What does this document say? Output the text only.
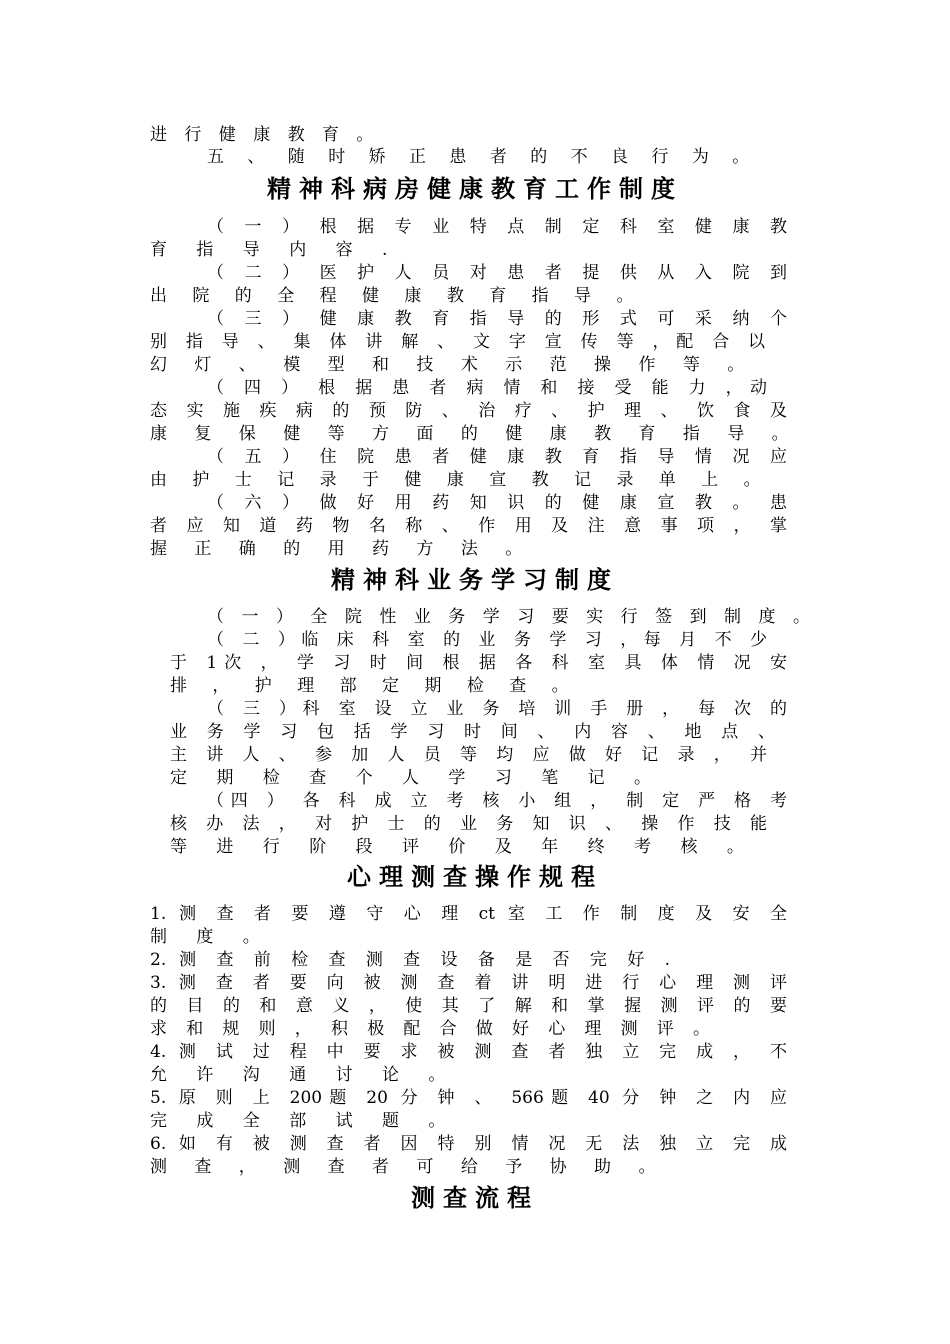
进 行 健 康 教 育 。
五 、 随 时 矫 正 患 者 的 不 良 行 为 。
精神科病房健康教育工作制度
（ 一 ） 根 据 专 业 特 点 制 定 科 室 健 康 教
育 指 导 内 容 .
（ 二 ） 医 护 人 员 对 患 者 提 供 从 入 院 到
出 院 的 全 程 健 康 教 育 指 导 。
（ 三 ） 健 康 教 育 指 导 的 形 式 可 采 纳 个
别 指 导 、 集 体 讲 解 、 文 字 宣 传 等 ，配 合 以
幻 灯 、 模 型 和 技 术 示 范 操 作 等 。
（ 四 ） 根 据 患 者 病 情 和 接 受 能 力 ，动
态 实 施 疾 病 的 预 防 、 治 疗 、 护 理 、 饮 食 及
康 复 保 健 等 方 面 的 健 康 教 育 指 导 。
（ 五 ） 住 院 患 者 健 康 教 育 指 导 情 况 应
由 护 士 记 录 于 健 康 宣 教 记 录 单 上 。
（ 六 ） 做 好 用 药 知 识 的 健 康 宣 教 。 患
者 应 知 道 药 物 名 称 、 作 用 及 注 意 事 项 ， 掌
握 正 确 的 用 药 方 法 。
精神科业务学习制度
（ 一 ） 全 院 性 业 务 学 习 要 实 行 签 到 制 度 。
（ 二 ）临 床 科 室 的 业 务 学 习 ，每 月 不 少
于 1次 ， 学 习 时 间 根 据 各 科 室 具 体 情 况 安
排 ， 护 理 部 定 期 检 查 。
（ 三 ）科 室 设 立 业 务 培 训 手 册 ， 每 次 的
业 务 学 习 包 括 学 习 时 间 、 内 容 、 地 点 、
主 讲 人 、 参 加 人 员 等 均 应 做 好 记 录 ， 并
定 期 检 查 个 人 学 习 笔 记 。
（四 ） 各 科 成 立 考 核 小 组 ， 制 定 严 格 考
核 办 法 ， 对 护 士 的 业 务 知 识 、 操 作 技 能
等 进 行 阶 段 评 价 及 年 终 考 核 。
心理测查操作规程
1. 测 查 者 要 遵 守 心 理 ct 室 工 作 制 度 及 安 全
制 度 。
2. 测 查 前 检 查 测 查 设 备 是 否 完 好 .
3. 测 查 者 要 向 被 测 查 着 讲 明 进 行 心 理 测 评
的 目 的 和 意 义 ， 使 其 了 解 和 掌 握 测 评 的 要
求 和 规 则 ， 积 极 配 合 做 好 心 理 测 评 。
4. 测 试 过 程 中 要 求 被 测 查 者 独 立 完 成 ， 不
允 许 沟 通 讨 论 。
5. 原 则 上 200题 20 分 钟 、 566题 40 分 钟 之 内 应
完 成 全 部 试 题 。
6. 如 有 被 测 查 者 因 特 别 情 况 无 法 独 立 完 成
测 查 ， 测 查 者 可 给 予 协 助 。
测查流程
